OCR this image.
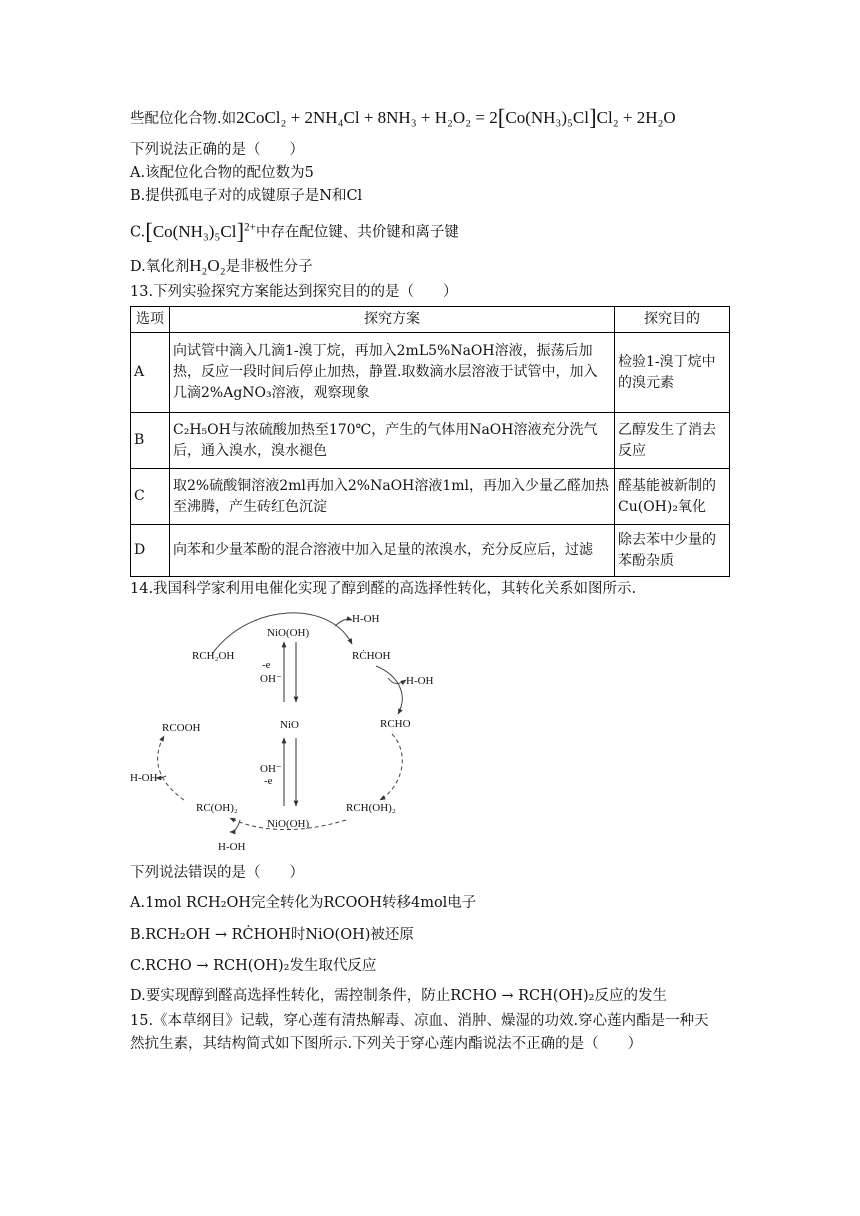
些配位化合物.如2CoCl₂ + 2NH₄Cl + 8NH₃ + H₂O₂ = 2[Co(NH₃)₅Cl]Cl₂ + 2H₂O
下列说法正确的是（　　）
A.该配位化合物的配位数为5
B.提供孤电子对的成键原子是N和Cl
$C.[Co(NH_3)_5Cl]^{2+}$中存在配位键、共价键和离子键
D.氧化剂H₂O₂是非极性分子
13.下列实验探究方案能达到探究目的的是（　　）
14.我国科学家利用电催化实现了醇到醛的高选择性转化，其转化关系如图所示.
下列说法错误的是（　　）
A.1mol RCH₂OH完全转化为RCOOH转移4mol电子
B.RCH₂OH → RĊHOH时NiO(OH)被还原
C.RCHO → RCH(OH)₂发生取代反应
D.要实现醇到醛高选择性转化，需控制条件，防止RCHO → RCH(OH)₂反应的发生
15.《本草纲目》记载，穿心莲有清热解毒、凉血、消肿、燥湿的功效.穿心莲内酯是一种天
然抗生素，其结构简式如下图所示.下列关于穿心莲内酯说法不正确的是（　　）
选项	探究方案	探究目的
A	向试管中滴入几滴1-溴丁烷，再加入2mL5%NaOH溶液，振荡后加热，反应一段时间后停止加热，静置.取数滴水层溶液于试管中，加入几滴2%AgNO₃溶液，观察现象	检验1-溴丁烷中的溴元素
B	C₂H₅OH与浓硫酸加热至170℃，产生的气体用NaOH溶液充分洗气后，通入溴水，溴水褪色	乙醇发生了消去反应
C	取2%硫酸铜溶液2ml再加入2%NaOH溶液1ml，再加入少量乙醛加热至沸腾，产生砖红色沉淀	醛基能被新制的Cu(OH)₂氧化
D	向苯和少量苯酚的混合溶液中加入足量的浓溴水，充分反应后，过滤	除去苯中少量的苯酚杂质
NiO(OH)
NiO
NiO(OH)
RCH₂OH	RĊHOH
RCHO
RCH(OH)₂
RC(OH)₂
RCOOH
H-OH
H-OH
H-OH
H-OH
-e
OH⁻
OH⁻
-e
